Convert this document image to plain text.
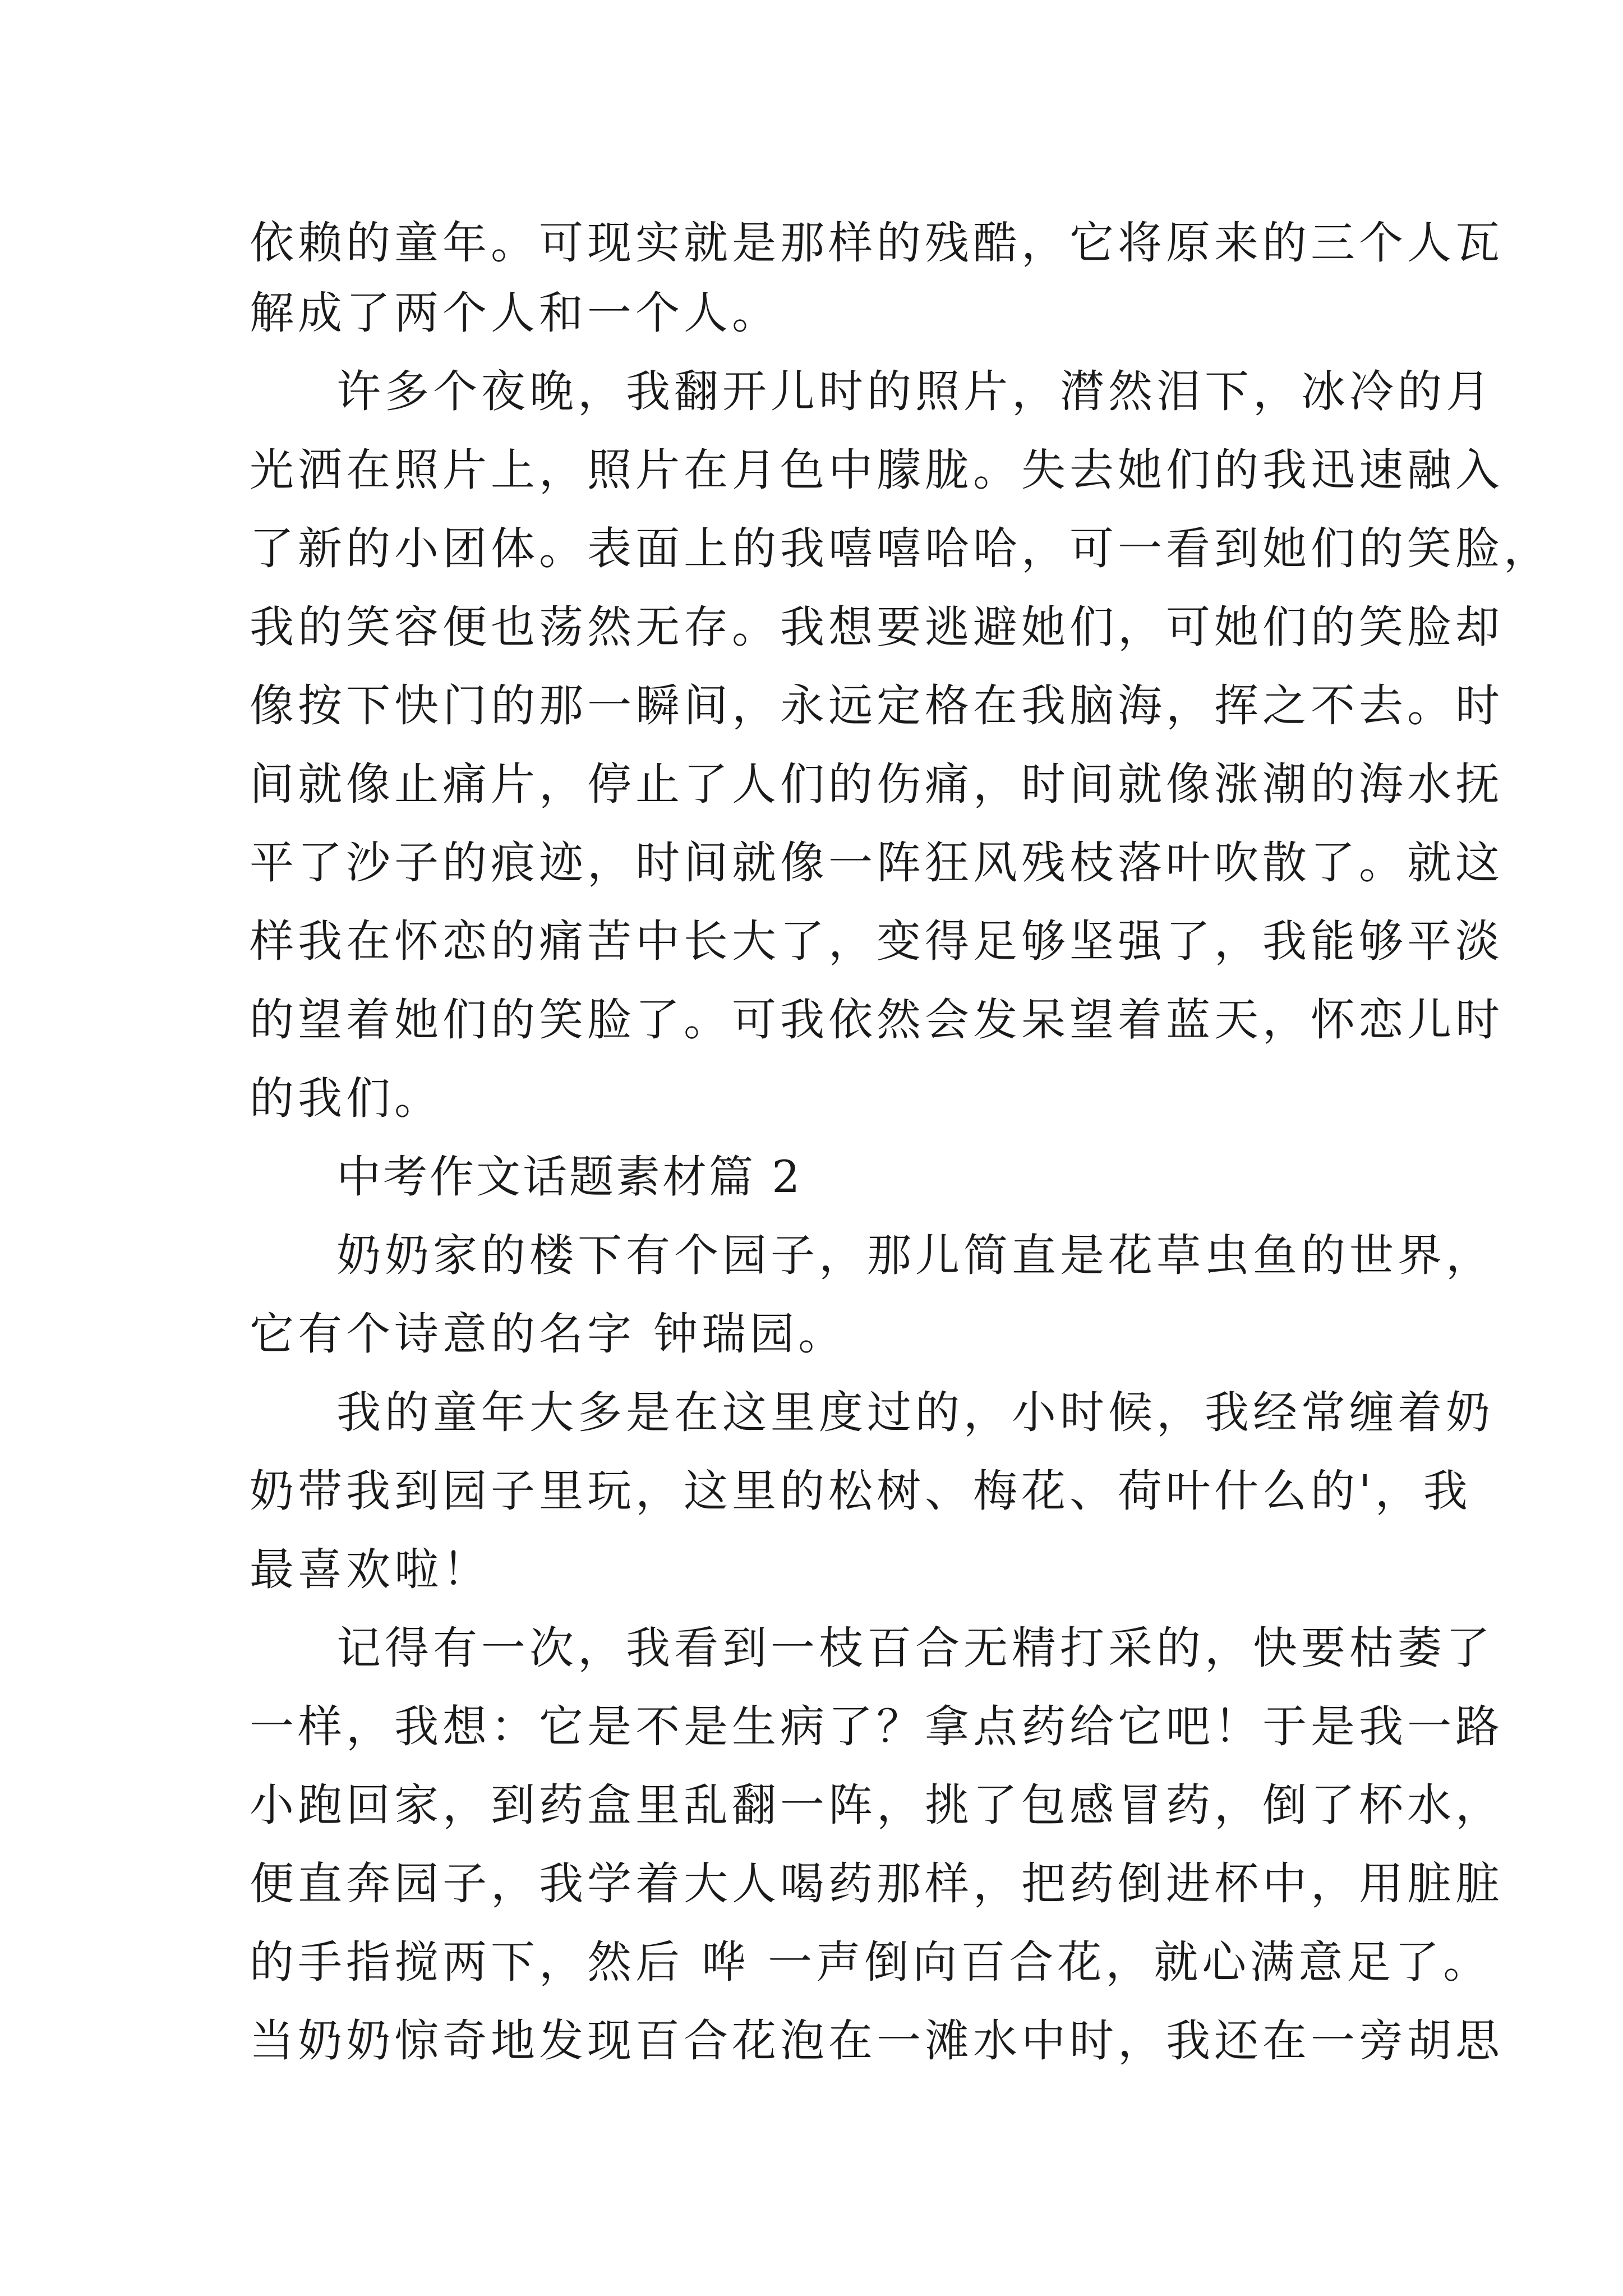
依赖的童年。可现实就是那样的残酷，它将原来的三个人瓦
解成了两个人和一个人。
许多个夜晚，我翻开儿时的照片，潸然泪下，冰冷的月
光洒在照片上，照片在月色中朦胧。失去她们的我迅速融入
了新的小团体。表面上的我嘻嘻哈哈，可一看到她们的笑脸，
我的笑容便也荡然无存。我想要逃避她们，可她们的笑脸却
像按下快门的那一瞬间，永远定格在我脑海，挥之不去。时
间就像止痛片，停止了人们的伤痛，时间就像涨潮的海水抚
平了沙子的痕迹，时间就像一阵狂风残枝落叶吹散了。就这
样我在怀恋的痛苦中长大了，变得足够坚强了，我能够平淡
的望着她们的笑脸了。可我依然会发呆望着蓝天，怀恋儿时
的我们。
中考作文话题素材篇 2
奶奶家的楼下有个园子，那儿简直是花草虫鱼的世界，
它有个诗意的名字 钟瑞园。
我的童年大多是在这里度过的，小时候，我经常缠着奶
奶带我到园子里玩，这里的松树、梅花、荷叶什么的'，我
最喜欢啦！
记得有一次，我看到一枝百合无精打采的，快要枯萎了
一样，我想：它是不是生病了？拿点药给它吧！于是我一路
小跑回家，到药盒里乱翻一阵，挑了包感冒药，倒了杯水，
便直奔园子，我学着大人喝药那样，把药倒进杯中，用脏脏
的手指搅两下，然后 哗 一声倒向百合花，就心满意足了。
当奶奶惊奇地发现百合花泡在一滩水中时，我还在一旁胡思
